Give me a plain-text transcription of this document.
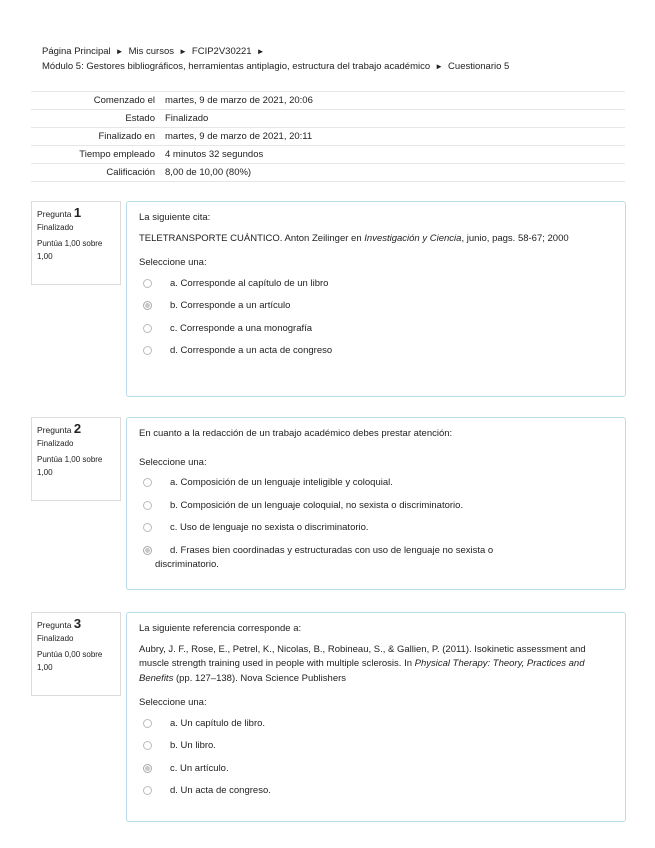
Página Principal ► Mis cursos ► FCIP2V30221 ►
Módulo 5: Gestores bibliográficos, herramientas antiplagio, estructura del trabajo académico ► Cuestionario 5
Comenzado el	martes, 9 de marzo de 2021, 20:06
Estado	Finalizado
Finalizado en	martes, 9 de marzo de 2021, 20:11
Tiempo empleado	4 minutos 32 segundos
Calificación	8,00 de 10,00 (80%)
Pregunta 1
Finalizado
Puntúa 1,00 sobre 1,00

La siguiente cita:

TELETRANSPORTE CUÁNTICO. Anton Zeilinger en Investigación y Ciencia, junio, pags. 58-67; 2000

Seleccione una:
a. Corresponde al capítulo de un libro
b. Corresponde a un artículo
c. Corresponde a una monografía
d. Corresponde a un acta de congreso
Pregunta 2
Finalizado
Puntúa 1,00 sobre 1,00

En cuanto a la redacción de un trabajo académico debes prestar atención:

Seleccione una:
a. Composición de un lenguaje inteligible y coloquial.
b. Composición de un lenguaje coloquial, no sexista o discriminatorio.
c. Uso de lenguaje no sexista o discriminatorio.
d. Frases bien coordinadas y estructuradas con uso de lenguaje no sexista o
discriminatorio.
Pregunta 3
Finalizado
Puntúa 0,00 sobre 1,00

La siguiente referencia corresponde a:

Aubry, J. F., Rose, E., Petrel, K., Nicolas, B., Robineau, S., & Gallien, P. (2011). Isokinetic assessment and muscle strength training used in people with multiple sclerosis. In Physical Therapy: Theory, Practices and Benefits (pp. 127–138). Nova Science Publishers

Seleccione una:
a. Un capítulo de libro.
b. Un libro.
c. Un artículo.
d. Un acta de congreso.
